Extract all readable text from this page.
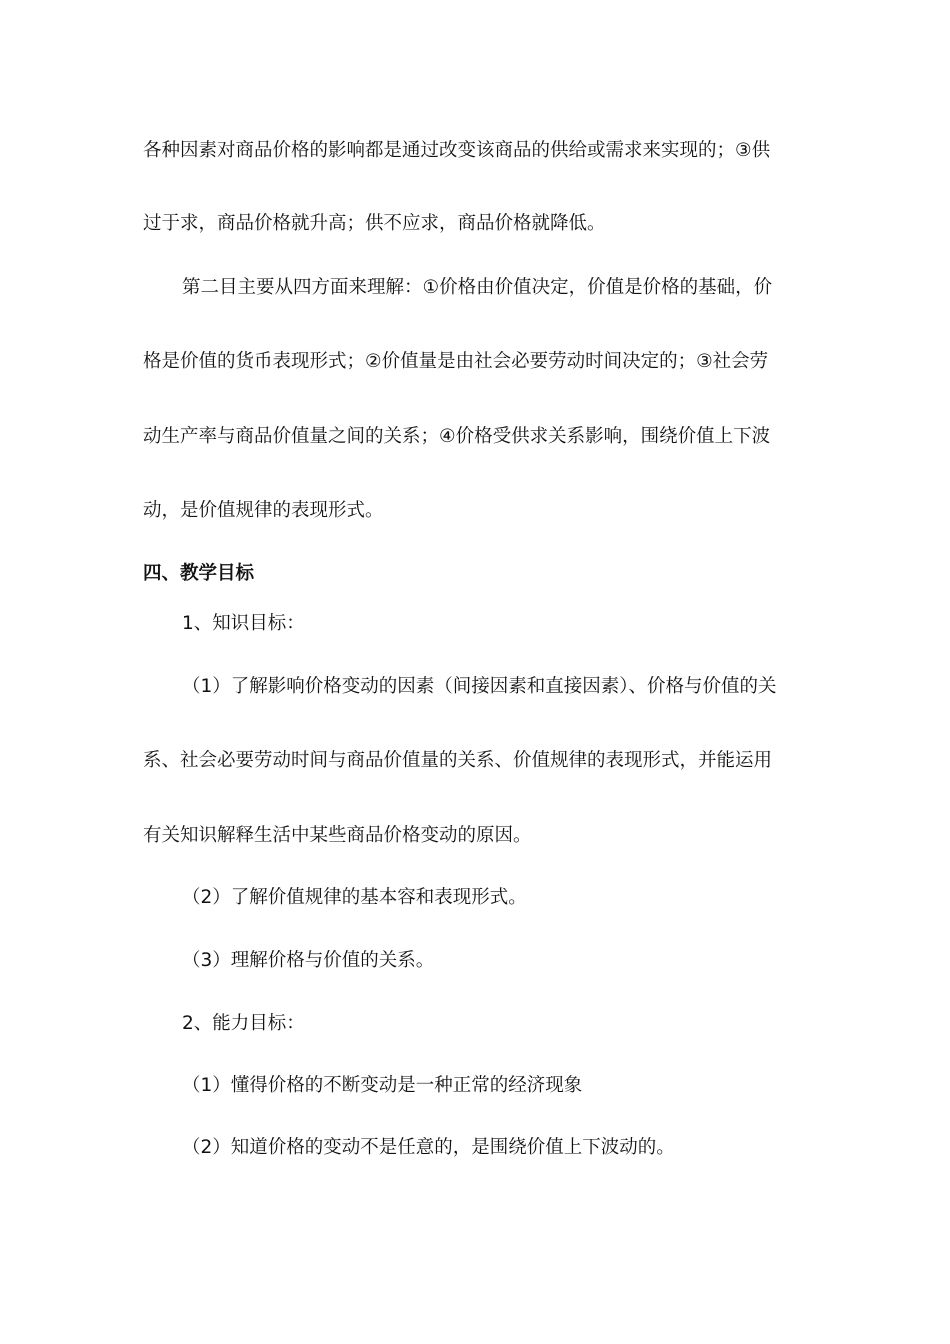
各种因素对商品价格的影响都是通过改变该商品的供给或需求来实现的；③供
过于求，商品价格就升高；供不应求，商品价格就降低。
第二目主要从四方面来理解：①价格由价值决定，价值是价格的基础，价
格是价值的货币表现形式；②价值量是由社会必要劳动时间决定的；③社会劳
动生产率与商品价值量之间的关系；④价格受供求关系影响，围绕价值上下波
动，是价值规律的表现形式。
四、教学目标
1、知识目标：
（1）了解影响价格变动的因素（间接因素和直接因素）、价格与价值的关
系、社会必要劳动时间与商品价值量的关系、价值规律的表现形式，并能运用
有关知识解释生活中某些商品价格变动的原因。
（2）了解价值规律的基本容和表现形式。
（3）理解价格与价值的关系。
2、能力目标：
（1）懂得价格的不断变动是一种正常的经济现象
（2）知道价格的变动不是任意的，是围绕价值上下波动的。
